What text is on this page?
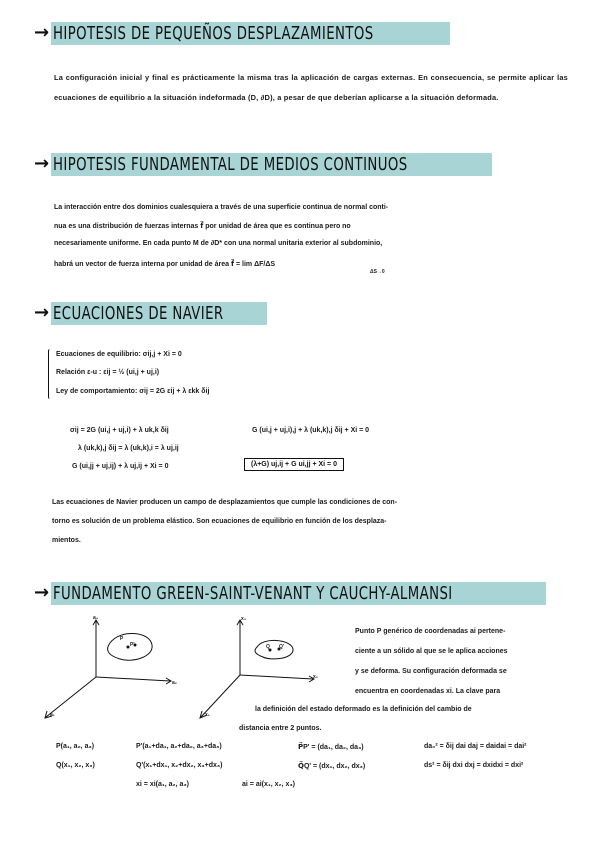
→ HIPOTESIS DE PEQUEÑOS DESPLAZAMIENTOS
La configuración inicial y final es prácticamente la misma tras la aplicación de cargas externas. En consecuencia, se permite aplicar las ecuaciones de equilibrio a la situación indeformada (D, ∂D), a pesar de que deberían aplicarse a la situación deformada.
→ HIPOTESIS FUNDAMENTAL DE MEDIOS CONTINUOS
La interacción entre dos dominios cualesquiera a través de una superficie continua de normal conti-
nua es una distribución de fuerzas internas f⃗ por unidad de área que es continua pero no
necesariamente uniforme. En cada punto M de ∂D* con una normal unitaria exterior al subdominio,
habrá un vector de fuerza interna por unidad de área f⃗ = lim ΔF/ΔS
ΔS→0
→ ECUACIONES DE NAVIER
Ecuaciones de equilibrio: σij,j + Xi = 0
Relación ε-u : εij = ½ (ui,j + uj,i)
Ley de comportamiento: σij = 2G εij + λ εkk δij
σij = 2G (ui,j + uj,i) + λ uk,k δij
λ (uk,k),j δij = λ (uk,k),i = λ uj,ij
G (ui,jj + uj,ij) + λ uj,ij + Xi = 0
G (ui,j + uj,i),j + λ (uk,k),j δij + Xi = 0
(λ+G) uj,ij + G ui,jj + Xi = 0
Las ecuaciones de Navier producen un campo de desplazamientos que cumple las condiciones de con-
torno es solución de un problema elástico. Son ecuaciones de equilibrio en función de los desplaza-
mientos.
→ FUNDAMENTO GREEN-SAINT-VENANT Y CAUCHY-ALMANSI
a₃
a₂
a₁
P
P'
x₃
x₂
x₁
Q Q'
Punto P genérico de coordenadas ai pertene-
ciente a un sólido al que se le aplica acciones
y se deforma. Su configuración deformada se
encuentra en coordenadas xi. La clave para
la definición del estado deformado es la definición del cambio de
distancia entre 2 puntos.
P(a₁, a₂, a₃)	P'(a₁+da₁, a₂+da₂, a₃+da₃)	P⃗P' = (da₁, da₂, da₃)	da₀² = δij dai daj = daidai = dai²
Q(x₁, x₂, x₃)	Q'(x₁+dx₁, x₂+dx₂, x₃+dx₃)	Q⃗Q' = (dx₁, dx₂, dx₃)	ds² = δij dxi dxj = dxidxi = dxi²
xi = xi(a₁, a₂, a₃)	ai = ai(x₁, x₂, x₃)
